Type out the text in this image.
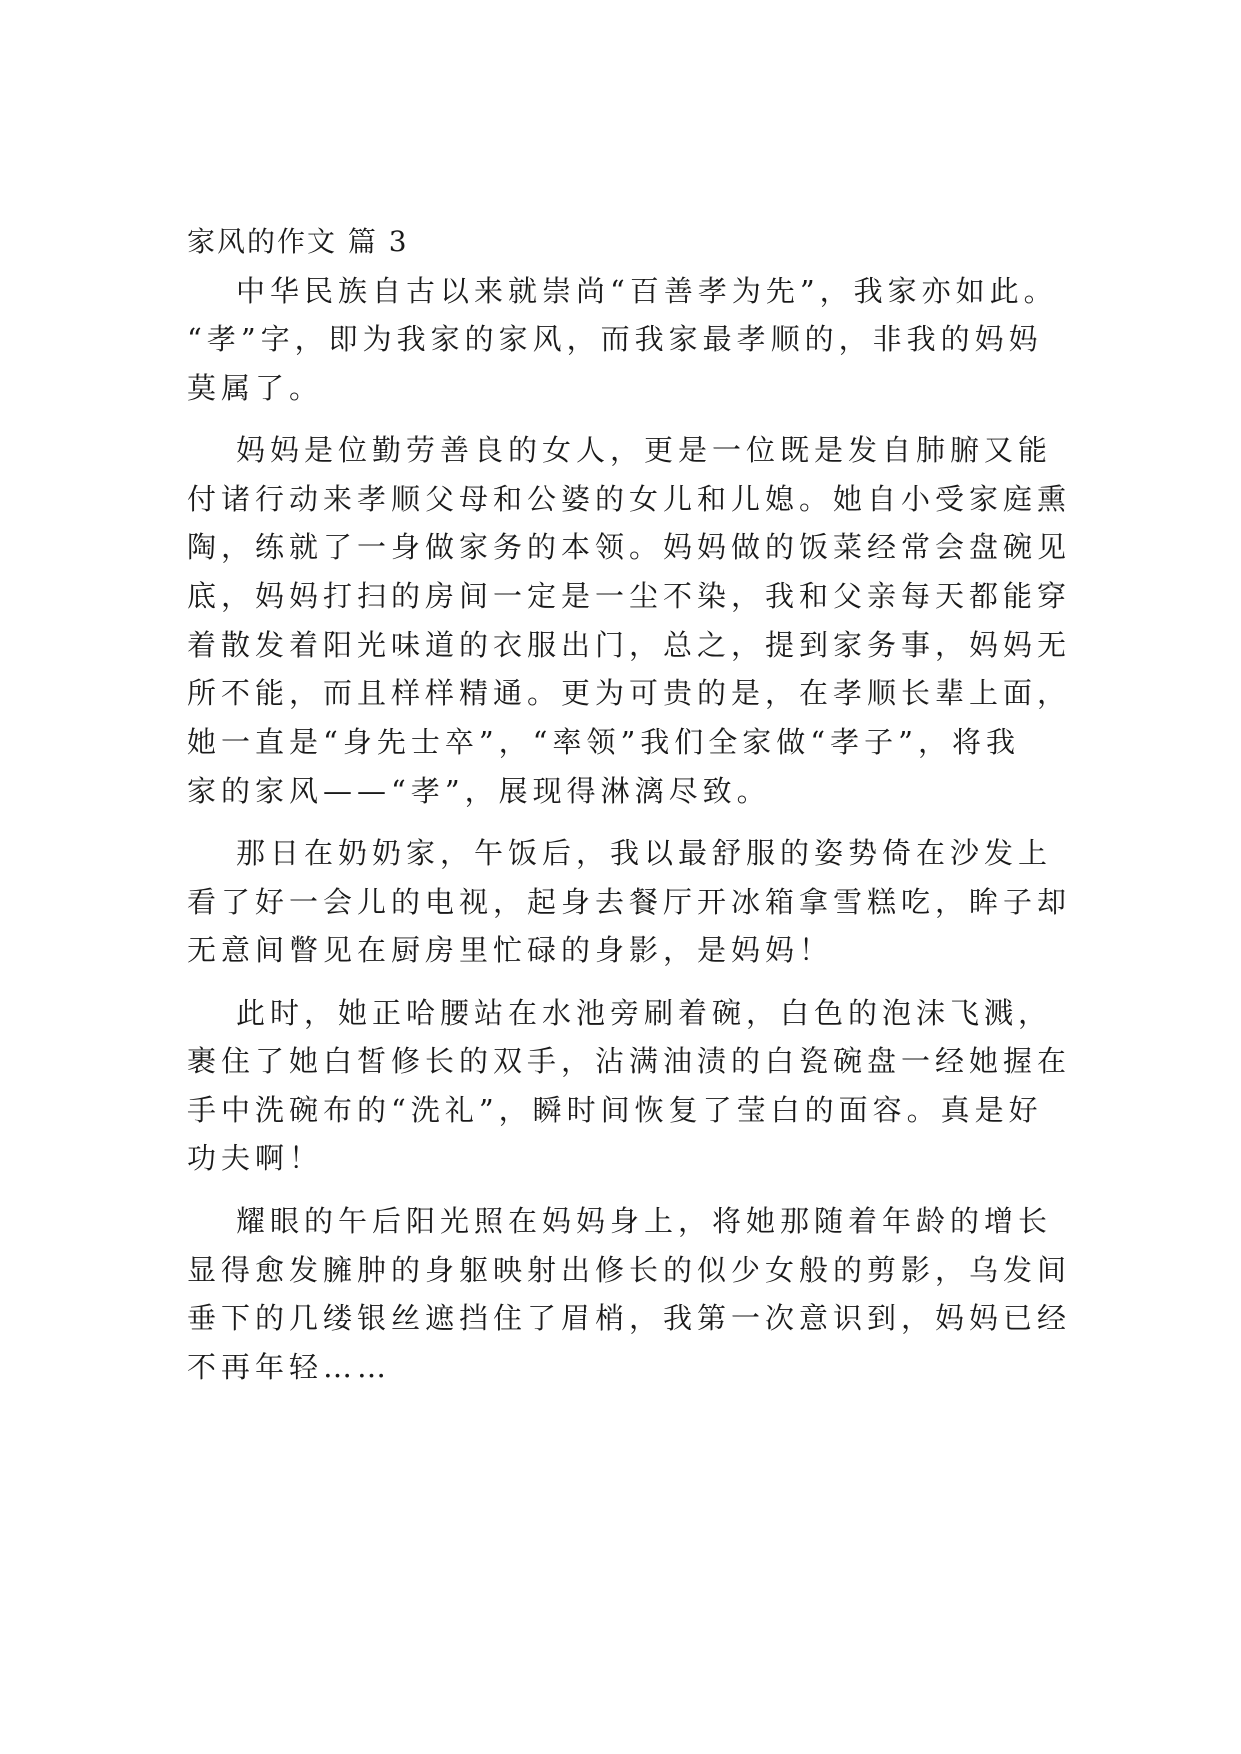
家风的作文 篇 3
中华民族自古以来就崇尚“百善孝为先”，我家亦如此。
“孝”字，即为我家的家风，而我家最孝顺的，非我的妈妈
莫属了。
妈妈是位勤劳善良的女人，更是一位既是发自肺腑又能
付诸行动来孝顺父母和公婆的女儿和儿媳。她自小受家庭熏
陶，练就了一身做家务的本领。妈妈做的饭菜经常会盘碗见
底，妈妈打扫的房间一定是一尘不染，我和父亲每天都能穿
着散发着阳光味道的衣服出门，总之，提到家务事，妈妈无
所不能，而且样样精通。更为可贵的是，在孝顺长辈上面，
她一直是“身先士卒”，“率领”我们全家做“孝子”，将我
家的家风——“孝”，展现得淋漓尽致。
那日在奶奶家，午饭后，我以最舒服的姿势倚在沙发上
看了好一会儿的电视，起身去餐厅开冰箱拿雪糕吃，眸子却
无意间瞥见在厨房里忙碌的身影，是妈妈！
此时，她正哈腰站在水池旁刷着碗，白色的泡沫飞溅，
裹住了她白皙修长的双手，沾满油渍的白瓷碗盘一经她握在
手中洗碗布的“洗礼”，瞬时间恢复了莹白的面容。真是好
功夫啊！
耀眼的午后阳光照在妈妈身上，将她那随着年龄的增长
显得愈发臃肿的身躯映射出修长的似少女般的剪影，乌发间
垂下的几缕银丝遮挡住了眉梢，我第一次意识到，妈妈已经
不再年轻……
